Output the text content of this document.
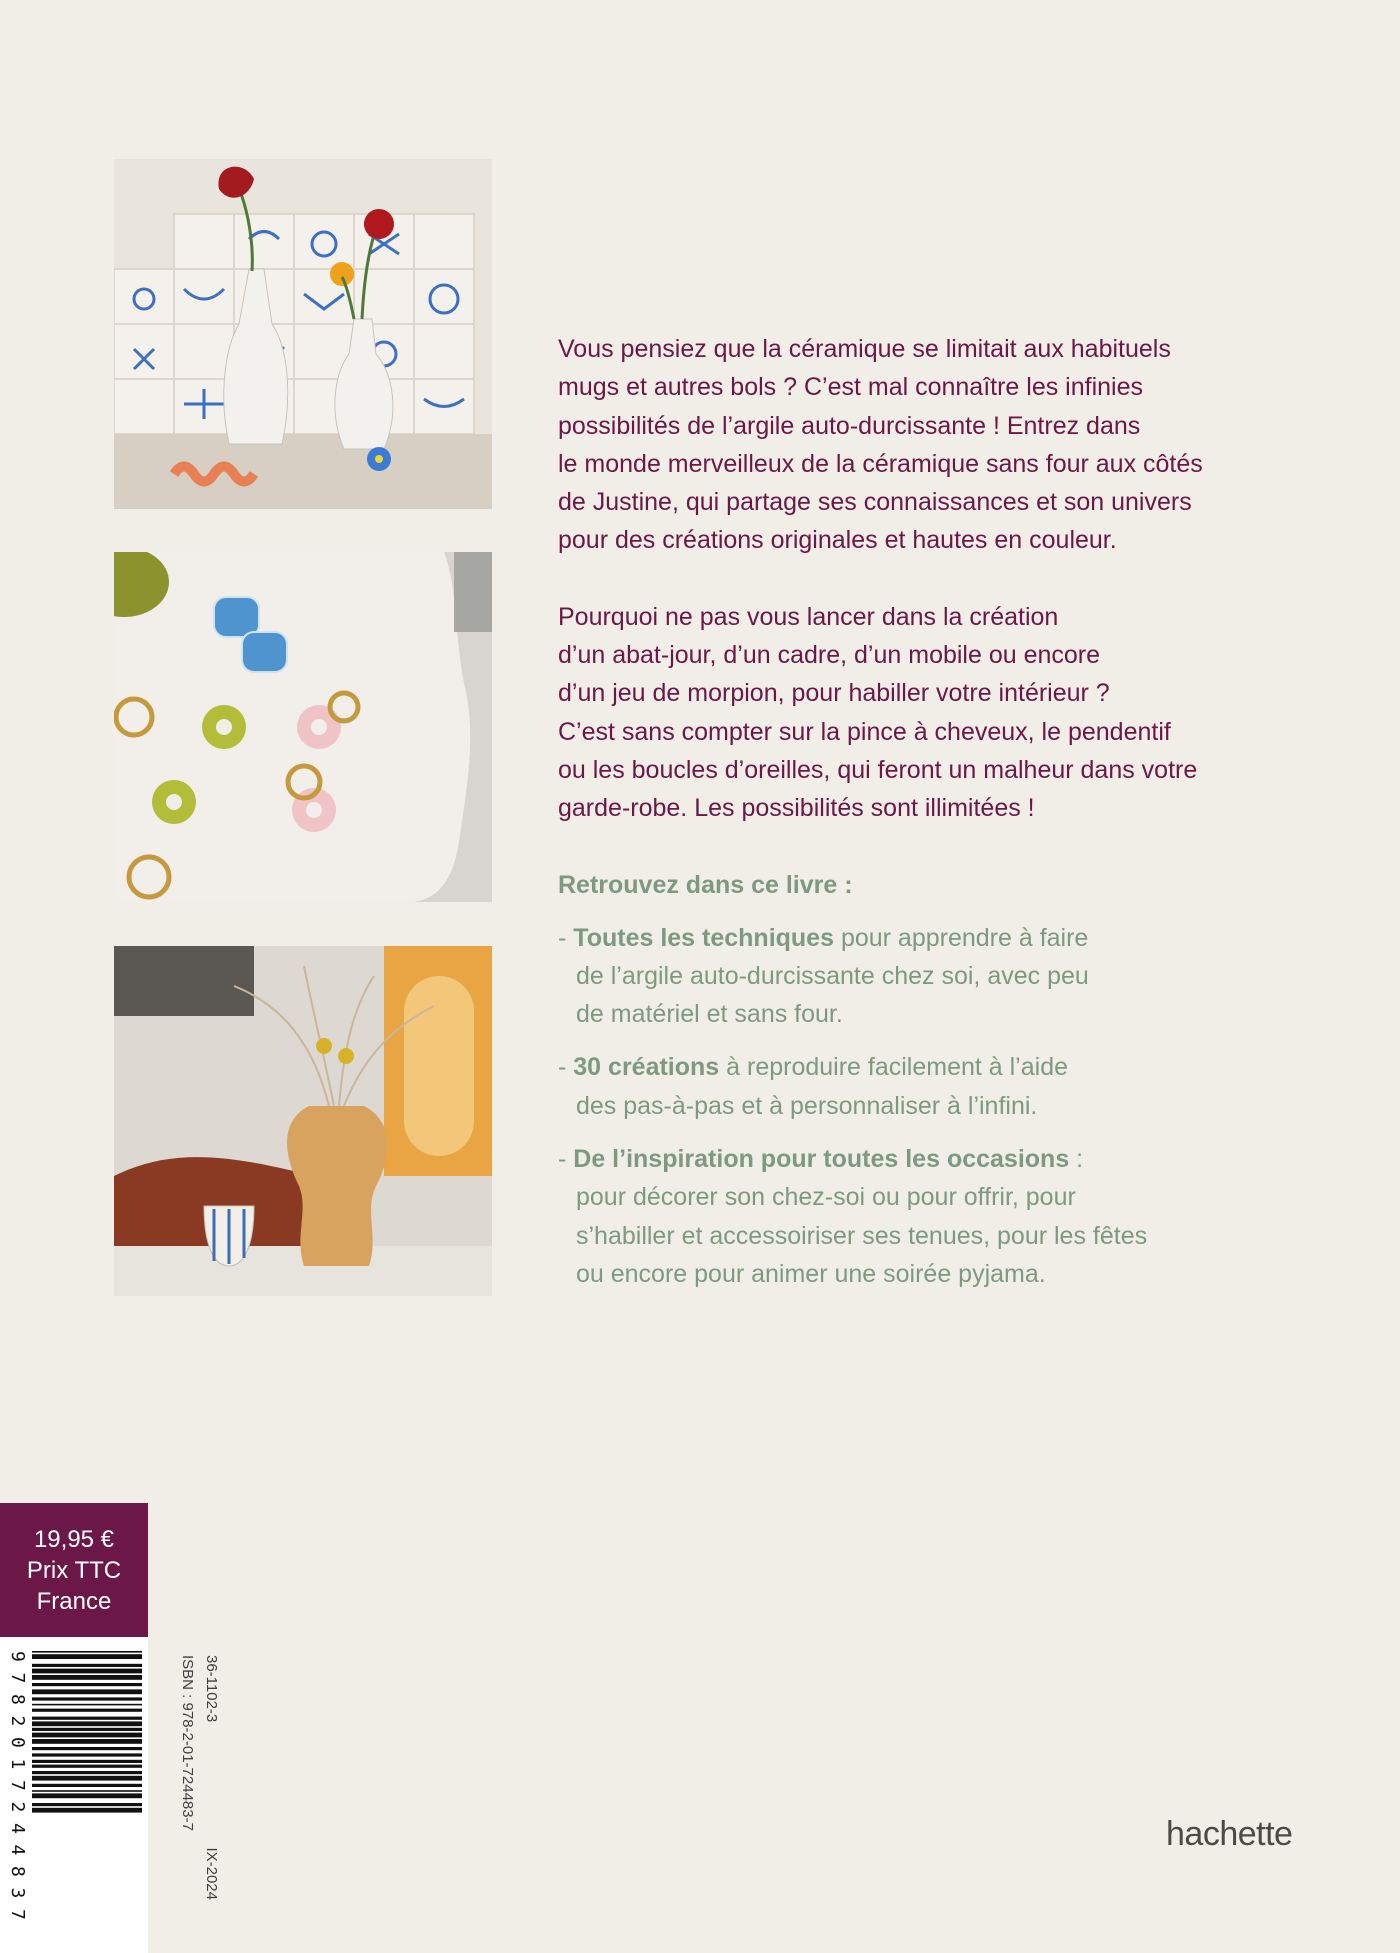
Vous pensiez que la céramique se limitait aux habituels
mugs et autres bols ? C’est mal connaître les infinies
possibilités de l’argile auto-durcissante ! Entrez dans
le monde merveilleux de la céramique sans four aux côtés
de Justine, qui partage ses connaissances et son univers
pour des créations originales et hautes en couleur.

Pourquoi ne pas vous lancer dans la création
d’un abat-jour, d’un cadre, d’un mobile ou encore
d’un jeu de morpion, pour habiller votre intérieur ?
C’est sans compter sur la pince à cheveux, le pendentif
ou les boucles d’oreilles, qui feront un malheur dans votre
garde-robe. Les possibilités sont illimitées !

Retrouvez dans ce livre :
- Toutes les techniques pour apprendre à faire
de l’argile auto-durcissante chez soi, avec peu
de matériel et sans four.
- 30 créations à reproduire facilement à l’aide
des pas-à-pas et à personnaliser à l’infini.
- De l’inspiration pour toutes les occasions :
pour décorer son chez-soi ou pour offrir, pour
s’habiller et accessoiriser ses tenues, pour les fêtes
ou encore pour animer une soirée pyjama.
19,95 €
Prix TTC
France
9
7
8
2
0
1
7
2
4
4
8
3
7
36-1102-3
IX-2024
ISBN : 978-2-01-724483-7
hachette
